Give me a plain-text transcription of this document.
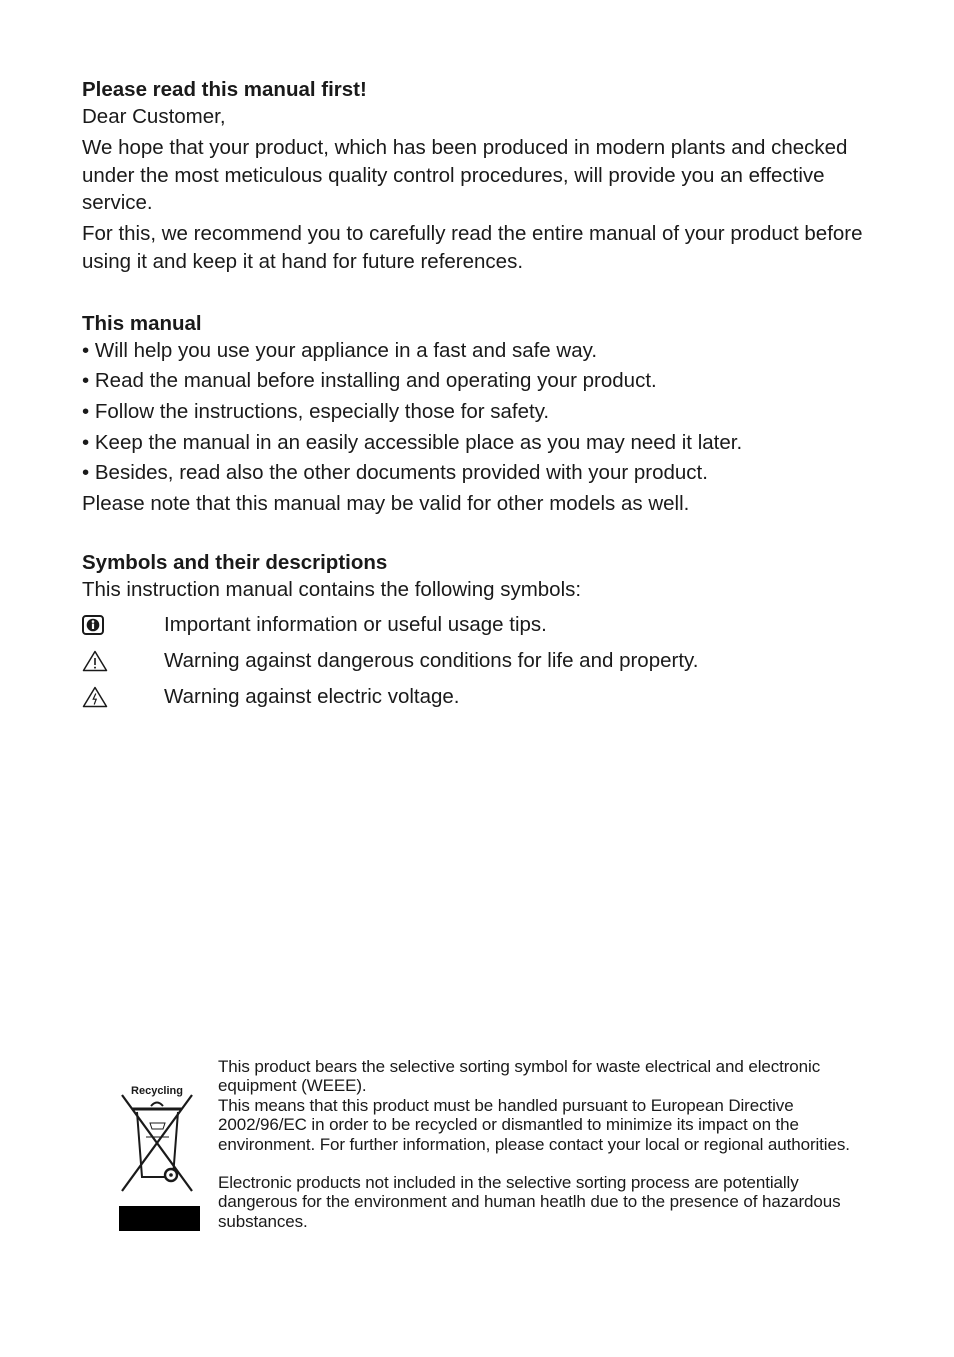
Please read this manual first!

Dear Customer,

We hope that your product, which has been produced in modern plants and checked under the most meticulous quality control procedures, will provide you an effective service.

For this, we recommend you to carefully read the entire manual of your product before using it and keep it at hand for future references.

This manual

• Will help you use your appliance in a fast and safe way.
• Read the manual before installing and operating your product.
• Follow the instructions, especially those for safety.
• Keep the manual in an easily accessible place as you may need it later.
• Besides, read also the other documents provided with your product.

Please note that this manual may be valid for other models as well.

Symbols and their descriptions

This instruction manual contains the following symbols:

Important information or useful usage tips.
Warning against dangerous conditions for life and property.
Warning against electric voltage.
Recycling

This product bears the selective sorting symbol for waste electrical and electronic equipment (WEEE).

This means that this product must be handled pursuant to European Directive 2002/96/EC in order to be recycled or dismantled to minimize its impact on the environment. For further information, please contact your local or regional authorities.

Electronic products not included in the selective sorting process are potentially dangerous for the environment and human heatlh due to the presence of hazardous substances.
